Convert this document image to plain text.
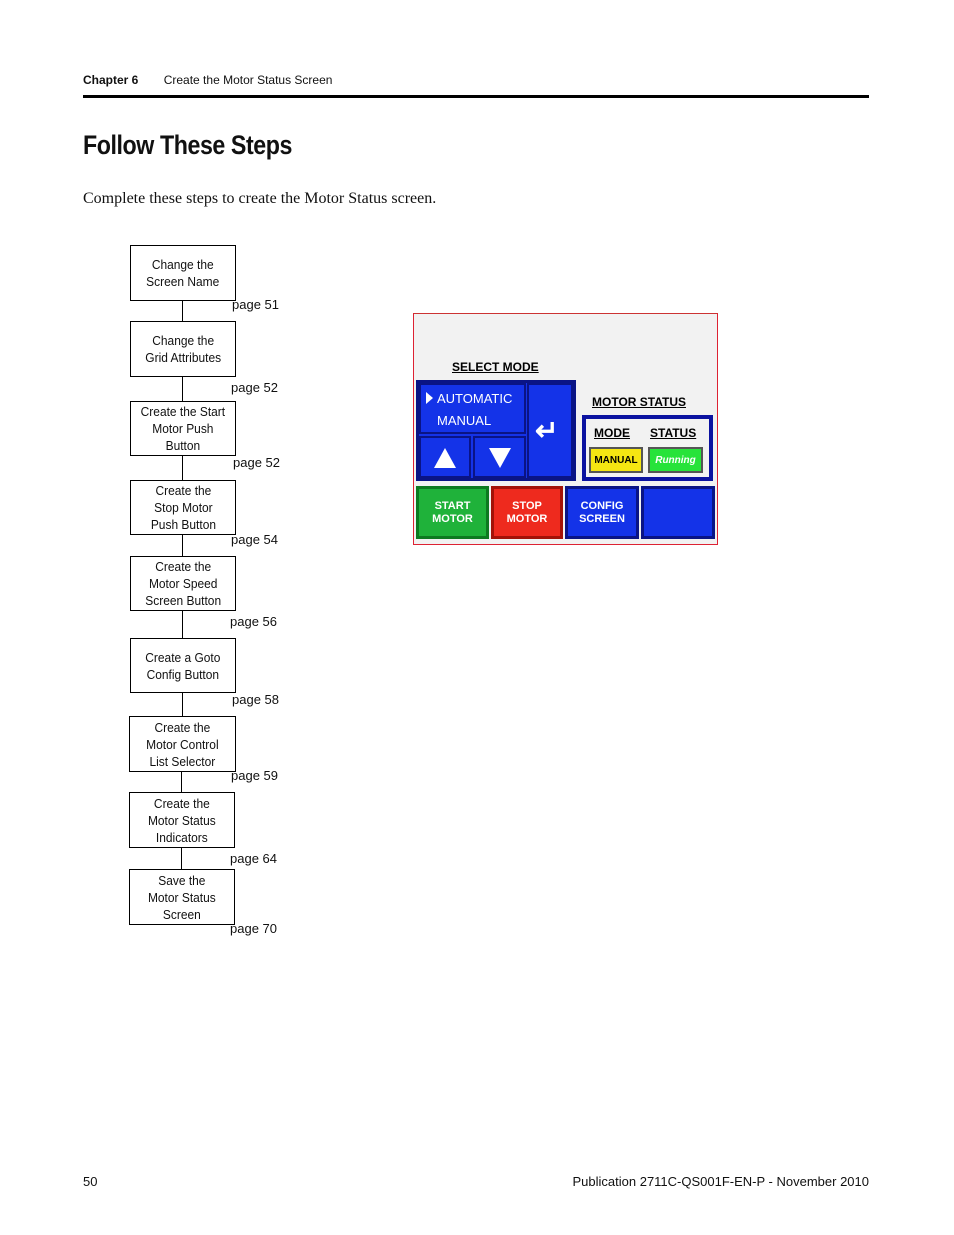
Chapter 6 Create the Motor Status Screen
Follow These Steps
Complete these steps to create the Motor Status screen.
Change the
Screen Name
page 51
Change the
Grid Attributes
page 52
Create the Start
Motor Push
Button
page 52
Create the
Stop Motor
Push Button
page 54
Create the
Motor Speed
Screen Button
page 56
Create a Goto
Config Button
page 58
Create the
Motor Control
List Selector
page 59
Create the
Motor Status
Indicators
page 64
Save the
Motor Status
Screen
page 70
SELECT MODE
AUTOMATIC
MANUAL ↵
MOTOR STATUS
MODE STATUS
MANUAL	Running
START
MOTOR
STOP
MOTOR
CONFIG
SCREEN
50	Publication 2711C-QS001F-EN-P - November 2010
